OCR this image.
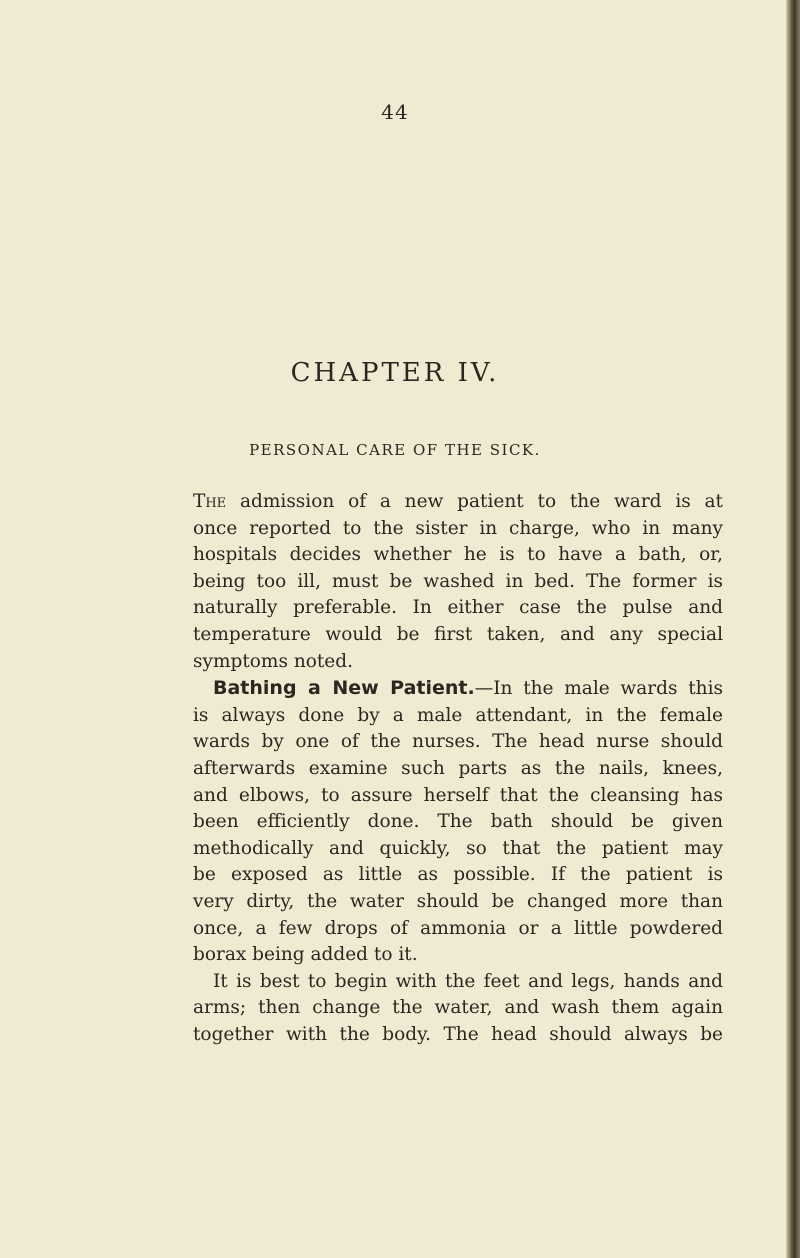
44
CHAPTER IV.
PERSONAL CARE OF THE SICK.
The admission of a new patient to the ward is at
once reported to the sister in charge, who in many
hospitals decides whether he is to have a bath, or,
being too ill, must be washed in bed. The former is
naturally preferable. In either case the pulse and
temperature would be first taken, and any special
symptoms noted.
Bathing a New Patient.—In the male wards this
is always done by a male attendant, in the female
wards by one of the nurses. The head nurse should
afterwards examine such parts as the nails, knees,
and elbows, to assure herself that the cleansing has
been efficiently done. The bath should be given
methodically and quickly, so that the patient may
be exposed as little as possible. If the patient is
very dirty, the water should be changed more than
once, a few drops of ammonia or a little powdered
borax being added to it.
It is best to begin with the feet and legs, hands and
arms; then change the water, and wash them again
together with the body. The head should always be
